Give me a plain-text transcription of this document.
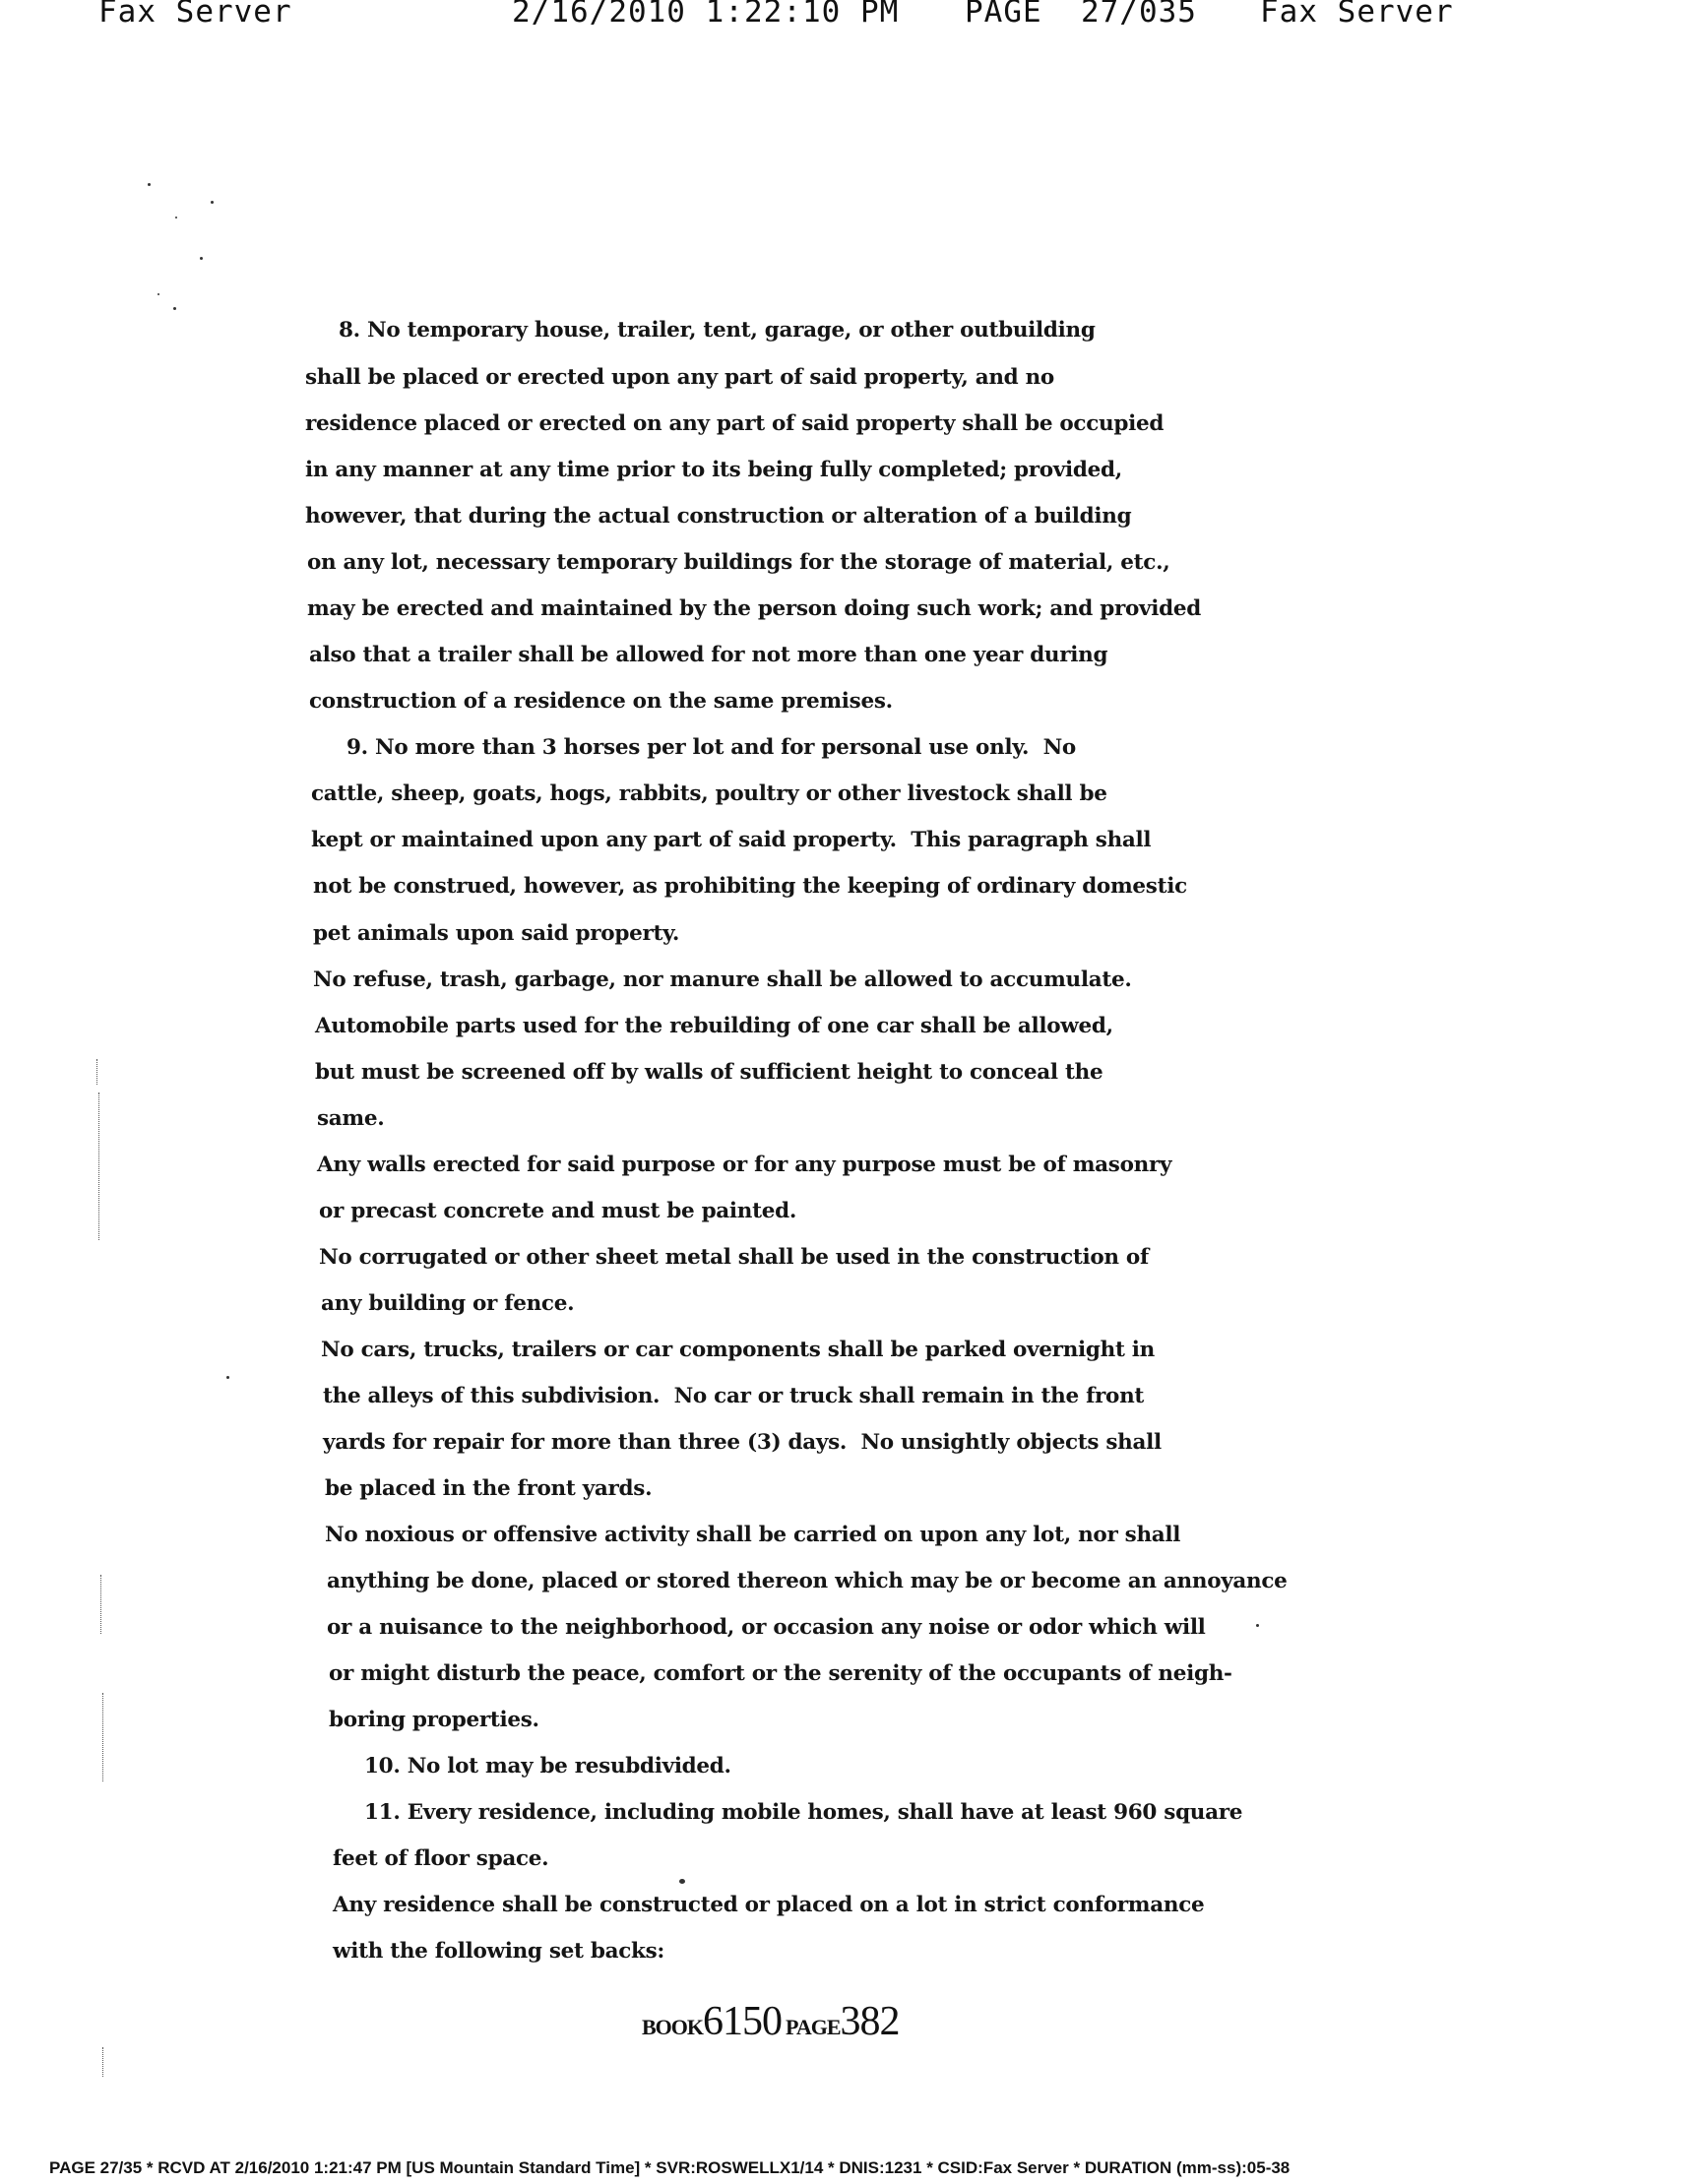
Fax Server	2/16/2010 1:22:10 PM PAGE  27/035 Fax Server
8. No temporary house, trailer, tent, garage, or other outbuilding
shall be placed or erected upon any part of said property, and no
residence placed or erected on any part of said property shall be occupied
in any manner at any time prior to its being fully completed; provided,
however, that during the actual construction or alteration of a building
on any lot, necessary temporary buildings for the storage of material, etc.,
may be erected and maintained by the person doing such work; and provided
also that a trailer shall be allowed for not more than one year during
construction of a residence on the same premises.
9. No more than 3 horses per lot and for personal use only.  No
cattle, sheep, goats, hogs, rabbits, poultry or other livestock shall be
kept or maintained upon any part of said property.  This paragraph shall
not be construed, however, as prohibiting the keeping of ordinary domestic
pet animals upon said property.
No refuse, trash, garbage, nor manure shall be allowed to accumulate.
Automobile parts used for the rebuilding of one car shall be allowed,
but must be screened off by walls of sufficient height to conceal the
same.
Any walls erected for said purpose or for any purpose must be of masonry
or precast concrete and must be painted.
No corrugated or other sheet metal shall be used in the construction of
any building or fence.
No cars, trucks, trailers or car components shall be parked overnight in
the alleys of this subdivision.  No car or truck shall remain in the front
yards for repair for more than three (3) days.  No unsightly objects shall
be placed in the front yards.
No noxious or offensive activity shall be carried on upon any lot, nor shall
anything be done, placed or stored thereon which may be or become an annoyance
or a nuisance to the neighborhood, or occasion any noise or odor which will
or might disturb the peace, comfort or the serenity of the occupants of neigh-
boring properties.
10. No lot may be resubdivided.
11. Every residence, including mobile homes, shall have at least 960 square
feet of floor space.
Any residence shall be constructed or placed on a lot in strict conformance
with the following set backs:
BOOK6150 PAGE382
PAGE 27/35 * RCVD AT 2/16/2010 1:21:47 PM [US Mountain Standard Time] * SVR:ROSWELLX1/14 * DNIS:1231 * CSID:Fax Server * DURATION (mm-ss):05-38
